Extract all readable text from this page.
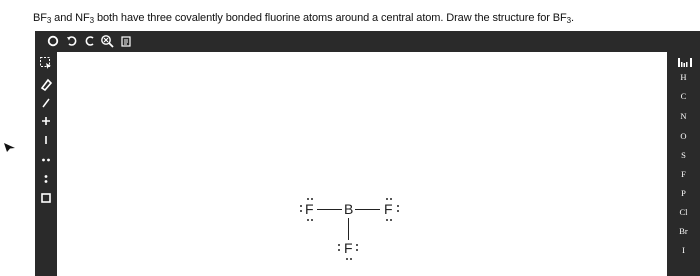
$BF_3$ and $NF_3$ both have three covalently bonded fluorine atoms around a central atom. Draw the structure for $BF_3$.
F B F
F
H
C
N
O
S
F
P
Cl
Br
I
